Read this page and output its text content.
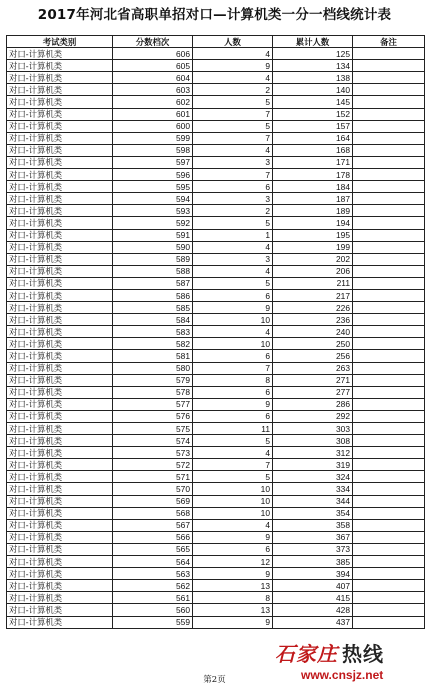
2017年河北省高职单招对口—计算机类一分一档线统计表
考试类别	分数档次	人数	累计人数	备注
对口-计算机类	606	4	125	
对口-计算机类	605	9	134	
对口-计算机类	604	4	138	
对口-计算机类	603	2	140	
对口-计算机类	602	5	145	
对口-计算机类	601	7	152	
对口-计算机类	600	5	157	
对口-计算机类	599	7	164	
对口-计算机类	598	4	168	
对口-计算机类	597	3	171	
对口-计算机类	596	7	178	
对口-计算机类	595	6	184	
对口-计算机类	594	3	187	
对口-计算机类	593	2	189	
对口-计算机类	592	5	194	
对口-计算机类	591	1	195	
对口-计算机类	590	4	199	
对口-计算机类	589	3	202	
对口-计算机类	588	4	206	
对口-计算机类	587	5	211	
对口-计算机类	586	6	217	
对口-计算机类	585	9	226	
对口-计算机类	584	10	236	
对口-计算机类	583	4	240	
对口-计算机类	582	10	250	
对口-计算机类	581	6	256	
对口-计算机类	580	7	263	
对口-计算机类	579	8	271	
对口-计算机类	578	6	277	
对口-计算机类	577	9	286	
对口-计算机类	576	6	292	
对口-计算机类	575	11	303	
对口-计算机类	574	5	308	
对口-计算机类	573	4	312	
对口-计算机类	572	7	319	
对口-计算机类	571	5	324	
对口-计算机类	570	10	334	
对口-计算机类	569	10	344	
对口-计算机类	568	10	354	
对口-计算机类	567	4	358	
对口-计算机类	566	9	367	
对口-计算机类	565	6	373	
对口-计算机类	564	12	385	
对口-计算机类	563	9	394	
对口-计算机类	562	13	407	
对口-计算机类	561	8	415	
对口-计算机类	560	13	428	
对口-计算机类	559	9	437	
第2页
石家庄 热线
www.cnsjz.net
